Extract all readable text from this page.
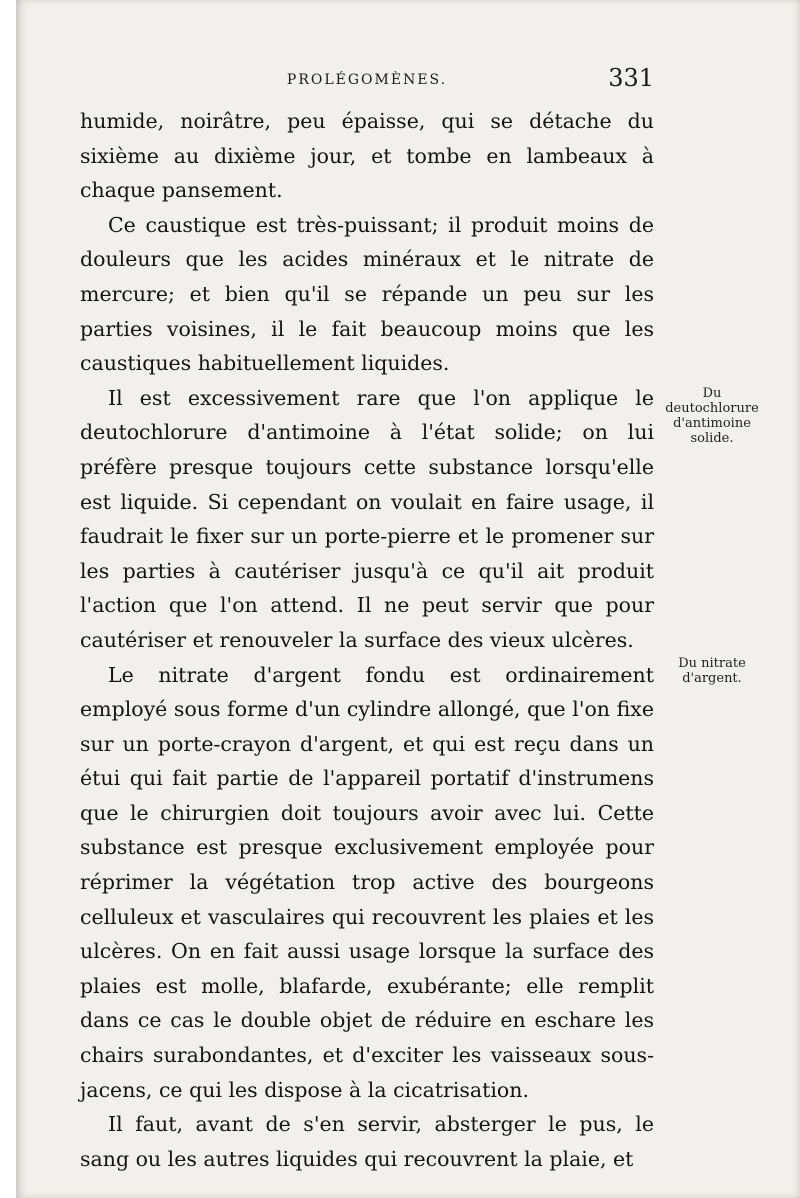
PROLÉGOMÈNES.	331

humide, noirâtre, peu épaisse, qui se détache du sixième au dixième jour, et tombe en lambeaux à chaque pansement.

Ce caustique est très-puissant; il produit moins de douleurs que les acides minéraux et le nitrate de mercure; et bien qu'il se répande un peu sur les parties voisines, il le fait beaucoup moins que les caustiques habituellement liquides.

Il est excessivement rare que l'on applique le deutochlorure d'antimoine à l'état solide; on lui préfère presque toujours cette substance lorsqu'elle est liquide. Si cependant on voulait en faire usage, il faudrait le fixer sur un porte-pierre et le promener sur les parties à cautériser jusqu'à ce qu'il ait produit l'action que l'on attend. Il ne peut servir que pour cautériser et renouveler la surface des vieux ulcères.

Le nitrate d'argent fondu est ordinairement employé sous forme d'un cylindre allongé, que l'on fixe sur un porte-crayon d'argent, et qui est reçu dans un étui qui fait partie de l'appareil portatif d'instrumens que le chirurgien doit toujours avoir avec lui. Cette substance est presque exclusivement employée pour réprimer la végétation trop active des bourgeons celluleux et vasculaires qui recouvrent les plaies et les ulcères. On en fait aussi usage lorsque la surface des plaies est molle, blafarde, exubérante; elle remplit dans ce cas le double objet de réduire en eschare les chairs surabondantes, et d'exciter les vaisseaux sous-jacens, ce qui les dispose à la cicatrisation.

Il faut, avant de s'en servir, absterger le pus, le sang ou les autres liquides qui recouvrent la plaie, et

Du deutochlorure d'antimoine solide.
Du nitrate d'argent.
